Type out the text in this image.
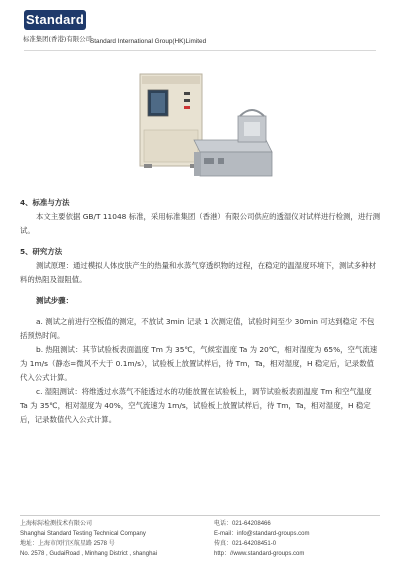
Standard
标准集团(香港)有限公司
Standard International Group(HK)Limited

4、标准与方法

本文主要依据 GB/T 11048 标准，采用标准集团（香港）有限公司供应的透湿仪对试样进行检测，进行测试。

5、研究方法

测试原理：通过模拟人体皮肤产生的热量和水蒸气穿透织物的过程，在稳定的温湿度环境下，测试多种材料的热阻及湿阻值。

测试步骤：

a. 测试之前进行空板值的测定，不放试 3min 记录 1 次测定值，试验时间至少 30min 可达到稳定 不包括预热时间。

b. 热阻测试：其节试验板表面温度 Tm 为 35℃，气候室温度 Ta 为 20℃，相对湿度为 65%，空气流速为 1m/s（静态=微风不大于 0.1m/s），试验板上放置试样后，待 Tm，Ta，相对湿度，H 稳定后，记录数值代入公式计算。

c. 湿阻测试：将维透过水蒸气不能透过水的功能放置在试验板上，调节试验板表面温度 Tm 和空气温度 Ta 为 35℃，相对湿度为 40%，空气流速为 1m/s，试验板上放置试样后，待 Tm，Ta，相对湿度，H 稳定后，记录数值代入公式计算。

上海标际检测技术有限公司
Shanghai Standard Testing Technical Company
地址：上海市闵行区航星路 2578 号
No. 2578 , GudaiRoad , Minhang District , shanghai
电话：021-64208466
E-mail：info@standard-groups.com
传真：021-64208451-0
http：//www.standard-groups.com
